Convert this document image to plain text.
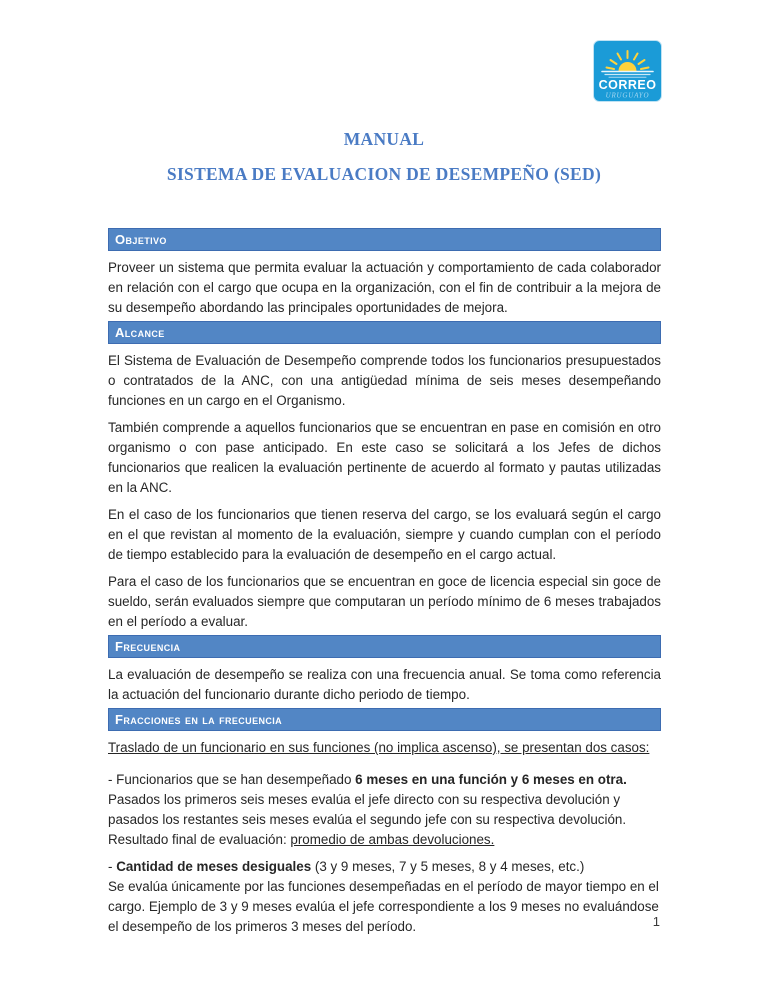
CORREO
URUGUAYO

MANUAL

SISTEMA DE EVALUACION DE DESEMPEÑO (SED)

Objetivo

Proveer un sistema que permita evaluar la actuación y comportamiento de cada colaborador en relación con el cargo que ocupa en la organización, con el fin de contribuir a la mejora de su desempeño abordando las principales oportunidades de mejora.

Alcance

El Sistema de Evaluación de Desempeño comprende todos los funcionarios presupuestados o contratados de la ANC, con una antigüedad mínima de seis meses desempeñando funciones en un cargo en el Organismo.

También comprende a aquellos funcionarios que se encuentran en pase en comisión en otro organismo o con pase anticipado. En este caso se solicitará a los Jefes de dichos funcionarios que realicen la evaluación pertinente de acuerdo al formato y pautas utilizadas en la ANC.

En el caso de los funcionarios que tienen reserva del cargo, se los evaluará según el cargo en el que revistan al momento de la evaluación, siempre y cuando cumplan con el período de tiempo establecido para la evaluación de desempeño en el cargo actual.

Para el caso de los funcionarios que se encuentran en goce de licencia especial sin goce de sueldo, serán evaluados siempre que computaran un período mínimo de 6 meses trabajados en el período a evaluar.

Frecuencia

La evaluación de desempeño se realiza con una frecuencia anual. Se toma como referencia la actuación del funcionario durante dicho periodo de tiempo.

Fracciones en la frecuencia

Traslado de un funcionario en sus funciones (no implica ascenso), se presentan dos casos:

- Funcionarios que se han desempeñado 6 meses en una función y 6 meses en otra.
Pasados los primeros seis meses evalúa el jefe directo con su respectiva devolución y pasados los restantes seis meses evalúa el segundo jefe con su respectiva devolución. Resultado final de evaluación: promedio de ambas devoluciones.

- Cantidad de meses desiguales (3 y 9 meses, 7 y 5 meses, 8 y 4 meses, etc.)
Se evalúa únicamente por las funciones desempeñadas en el período de mayor tiempo en el cargo. Ejemplo de 3 y 9 meses evalúa el jefe correspondiente a los 9 meses no evaluándose el desempeño de los primeros 3 meses del período.	1
